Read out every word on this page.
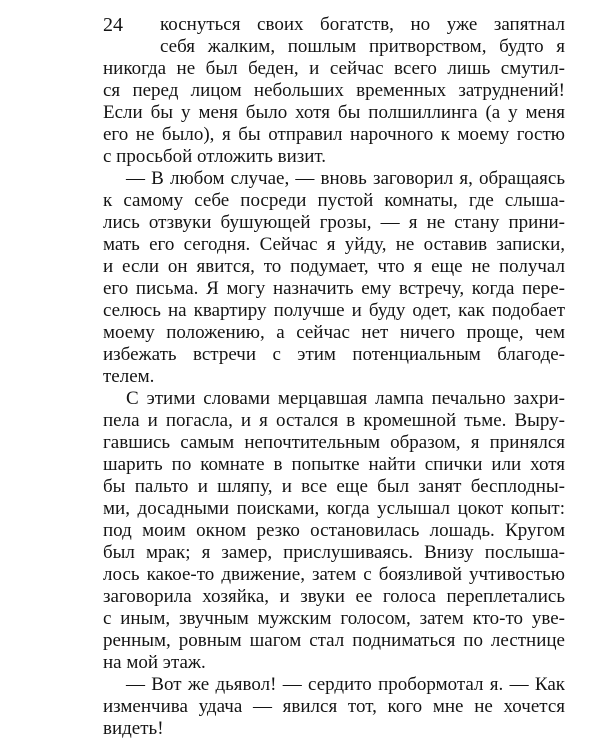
24 коснуться своих богатств, но уже запятнал
себя жалким, пошлым притворством, будто я
никогда не был беден, и сейчас всего лишь смутил-
ся перед лицом небольших временных затруднений!
Если бы у меня было хотя бы полшиллинга (а у меня
его не было), я бы отправил нарочного к моему гостю
с просьбой отложить визит.
— В любом случае, — вновь заговорил я, обращаясь
к самому себе посреди пустой комнаты, где слыша-
лись отзвуки бушующей грозы, — я не стану прини-
мать его сегодня. Сейчас я уйду, не оставив записки,
и если он явится, то подумает, что я еще не получал
его письма. Я могу назначить ему встречу, когда пере-
селюсь на квартиру получше и буду одет, как подобает
моему положению, а сейчас нет ничего проще, чем
избежать встречи с этим потенциальным благоде-
телем.
С этими словами мерцавшая лампа печально захри-
пела и погасла, и я остался в кромешной тьме. Выру-
гавшись самым непочтительным образом, я принялся
шарить по комнате в попытке найти спички или хотя
бы пальто и шляпу, и все еще был занят бесплодны-
ми, досадными поисками, когда услышал цокот копыт:
под моим окном резко остановилась лошадь. Кругом
был мрак; я замер, прислушиваясь. Внизу послыша-
лось какое-то движение, затем с боязливой учтивостью
заговорила хозяйка, и звуки ее голоса переплетались
с иным, звучным мужским голосом, затем кто-то уве-
ренным, ровным шагом стал подниматься по лестнице
на мой этаж.
— Вот же дьявол! — сердито пробормотал я. — Как
изменчива удача — явился тот, кого мне не хочется
видеть!
